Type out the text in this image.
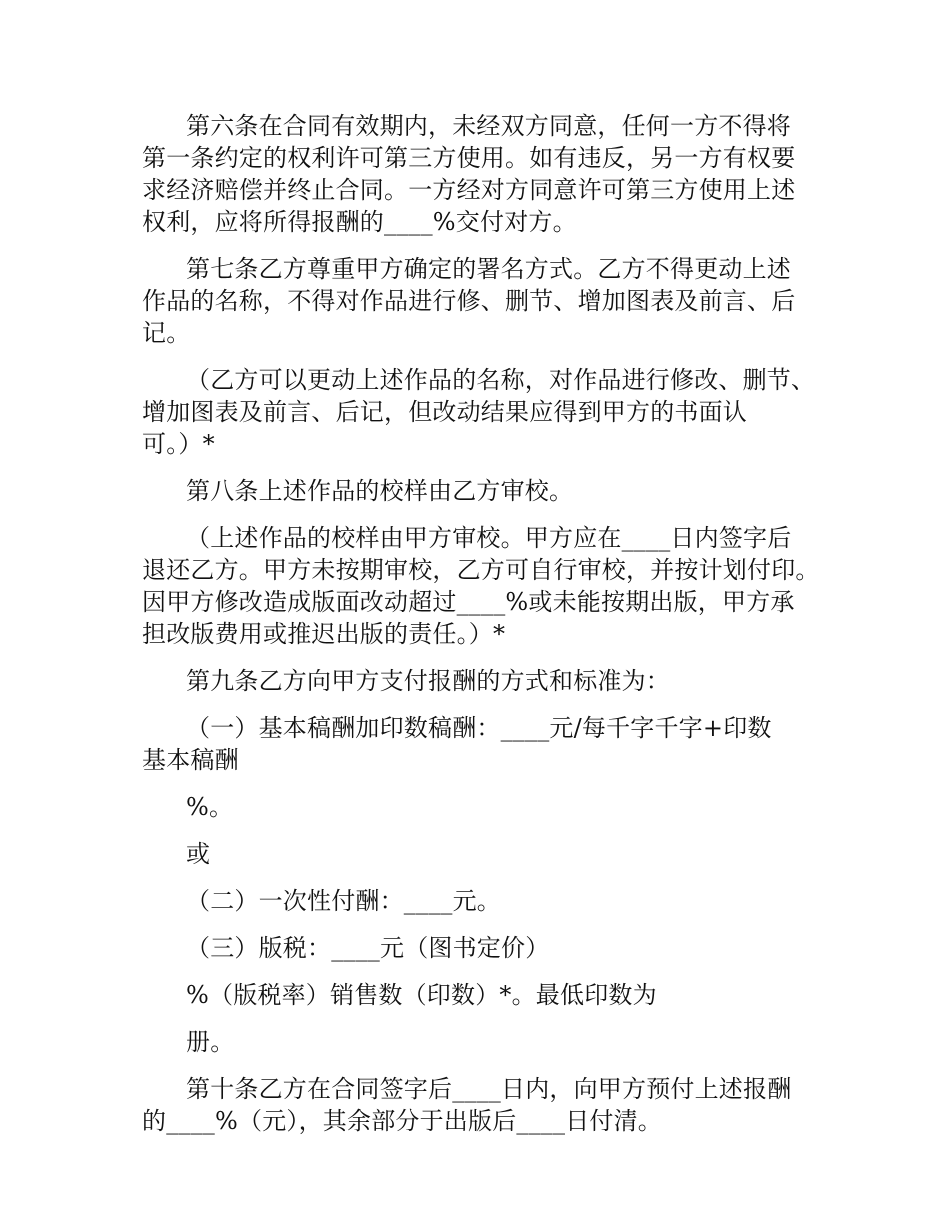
第六条在合同有效期内，未经双方同意，任何一方不得将
第一条约定的权利许可第三方使用。如有违反，另一方有权要
求经济赔偿并终止合同。一方经对方同意许可第三方使用上述
权利，应将所得报酬的____%交付对方。

第七条乙方尊重甲方确定的署名方式。乙方不得更动上述
作品的名称，不得对作品进行修、删节、增加图表及前言、后
记。

（乙方可以更动上述作品的名称，对作品进行修改、删节、
增加图表及前言、后记，但改动结果应得到甲方的书面认
可。）*

第八条上述作品的校样由乙方审校。

（上述作品的校样由甲方审校。甲方应在____日内签字后
退还乙方。甲方未按期审校，乙方可自行审校，并按计划付印。
因甲方修改造成版面改动超过____%或未能按期出版，甲方承
担改版费用或推迟出版的责任。）*

第九条乙方向甲方支付报酬的方式和标准为：

（一）基本稿酬加印数稿酬：____元/每千字千字+印数
基本稿酬

%。

或

（二）一次性付酬：____元。

（三）版税：____元（图书定价）

%（版税率）销售数（印数）*。最低印数为

册。

第十条乙方在合同签字后____日内，向甲方预付上述报酬
的____%（元），其余部分于出版后____日付清。
